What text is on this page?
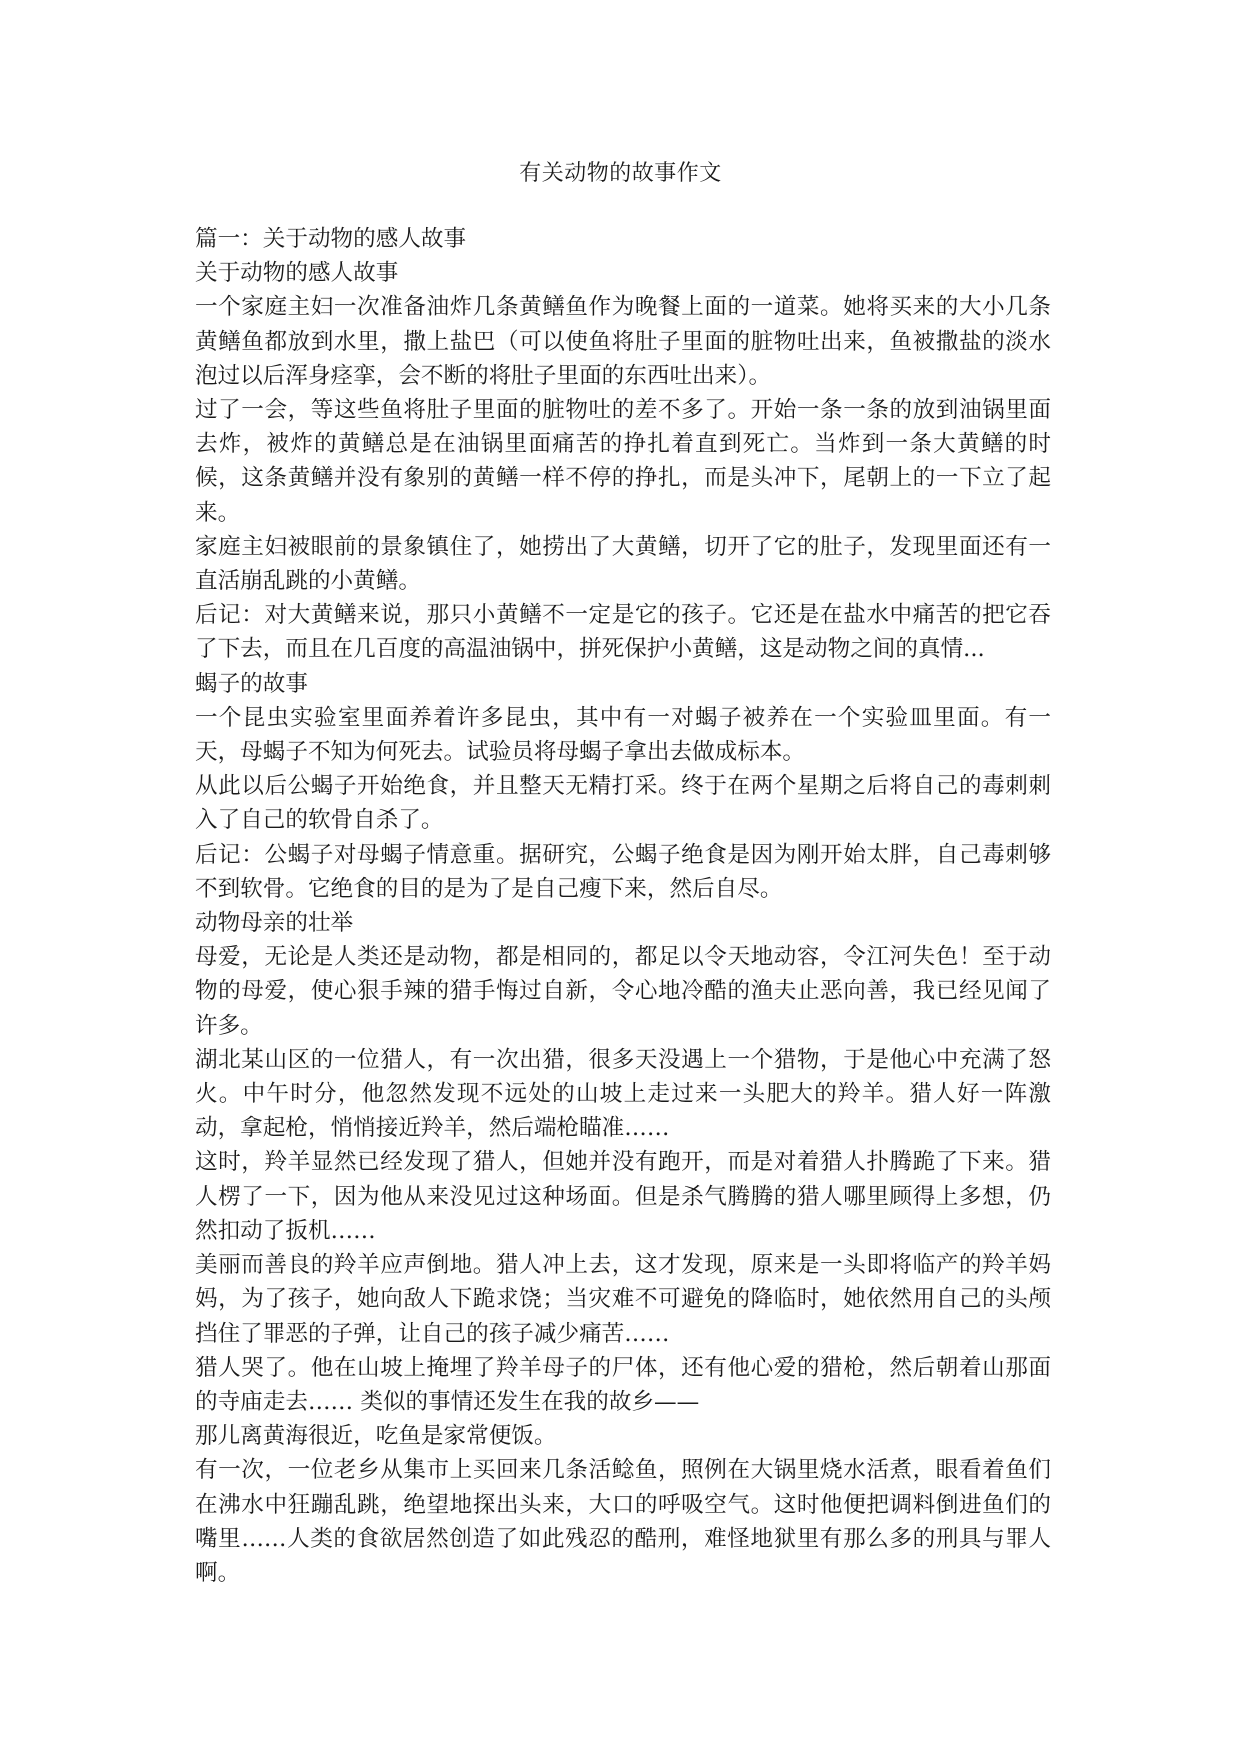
有关动物的故事作文

篇一：关于动物的感人故事

关于动物的感人故事

一个家庭主妇一次准备油炸几条黄鳝鱼作为晚餐上面的一道菜。她将买来的大小几条黄鳝鱼都放到水里，撒上盐巴（可以使鱼将肚子里面的脏物吐出来，鱼被撒盐的淡水泡过以后浑身痉挛，会不断的将肚子里面的东西吐出来）。

过了一会，等这些鱼将肚子里面的脏物吐的差不多了。开始一条一条的放到油锅里面去炸，被炸的黄鳝总是在油锅里面痛苦的挣扎着直到死亡。当炸到一条大黄鳝的时候，这条黄鳝并没有象别的黄鳝一样不停的挣扎，而是头冲下，尾朝上的一下立了起来。

家庭主妇被眼前的景象镇住了，她捞出了大黄鳝，切开了它的肚子，发现里面还有一直活崩乱跳的小黄鳝。

后记：对大黄鳝来说，那只小黄鳝不一定是它的孩子。它还是在盐水中痛苦的把它吞了下去，而且在几百度的高温油锅中，拼死保护小黄鳝，这是动物之间的真情...

蝎子的故事

一个昆虫实验室里面养着许多昆虫，其中有一对蝎子被养在一个实验皿里面。有一天，母蝎子不知为何死去。试验员将母蝎子拿出去做成标本。

从此以后公蝎子开始绝食，并且整天无精打采。终于在两个星期之后将自己的毒刺刺入了自己的软骨自杀了。

后记：公蝎子对母蝎子情意重。据研究，公蝎子绝食是因为刚开始太胖，自己毒刺够不到软骨。它绝食的目的是为了是自己瘦下来，然后自尽。

动物母亲的壮举

母爱，无论是人类还是动物，都是相同的，都足以令天地动容，令江河失色！至于动物的母爱，使心狠手辣的猎手悔过自新，令心地冷酷的渔夫止恶向善，我已经见闻了许多。

湖北某山区的一位猎人，有一次出猎，很多天没遇上一个猎物，于是他心中充满了怒火。中午时分，他忽然发现不远处的山坡上走过来一头肥大的羚羊。猎人好一阵激动，拿起枪，悄悄接近羚羊，然后端枪瞄准……

这时，羚羊显然已经发现了猎人，但她并没有跑开，而是对着猎人扑腾跪了下来。猎人楞了一下，因为他从来没见过这种场面。但是杀气腾腾的猎人哪里顾得上多想，仍然扣动了扳机……

美丽而善良的羚羊应声倒地。猎人冲上去，这才发现，原来是一头即将临产的羚羊妈妈，为了孩子，她向敌人下跪求饶；当灾难不可避免的降临时，她依然用自己的头颅挡住了罪恶的子弹，让自己的孩子减少痛苦……

猎人哭了。他在山坡上掩埋了羚羊母子的尸体，还有他心爱的猎枪，然后朝着山那面的寺庙走去…… 类似的事情还发生在我的故乡——

那儿离黄海很近，吃鱼是家常便饭。

有一次，一位老乡从集市上买回来几条活鲶鱼，照例在大锅里烧水活煮，眼看着鱼们在沸水中狂蹦乱跳，绝望地探出头来，大口的呼吸空气。这时他便把调料倒进鱼们的嘴里……人类的食欲居然创造了如此残忍的酷刑，难怪地狱里有那么多的刑具与罪人啊。
